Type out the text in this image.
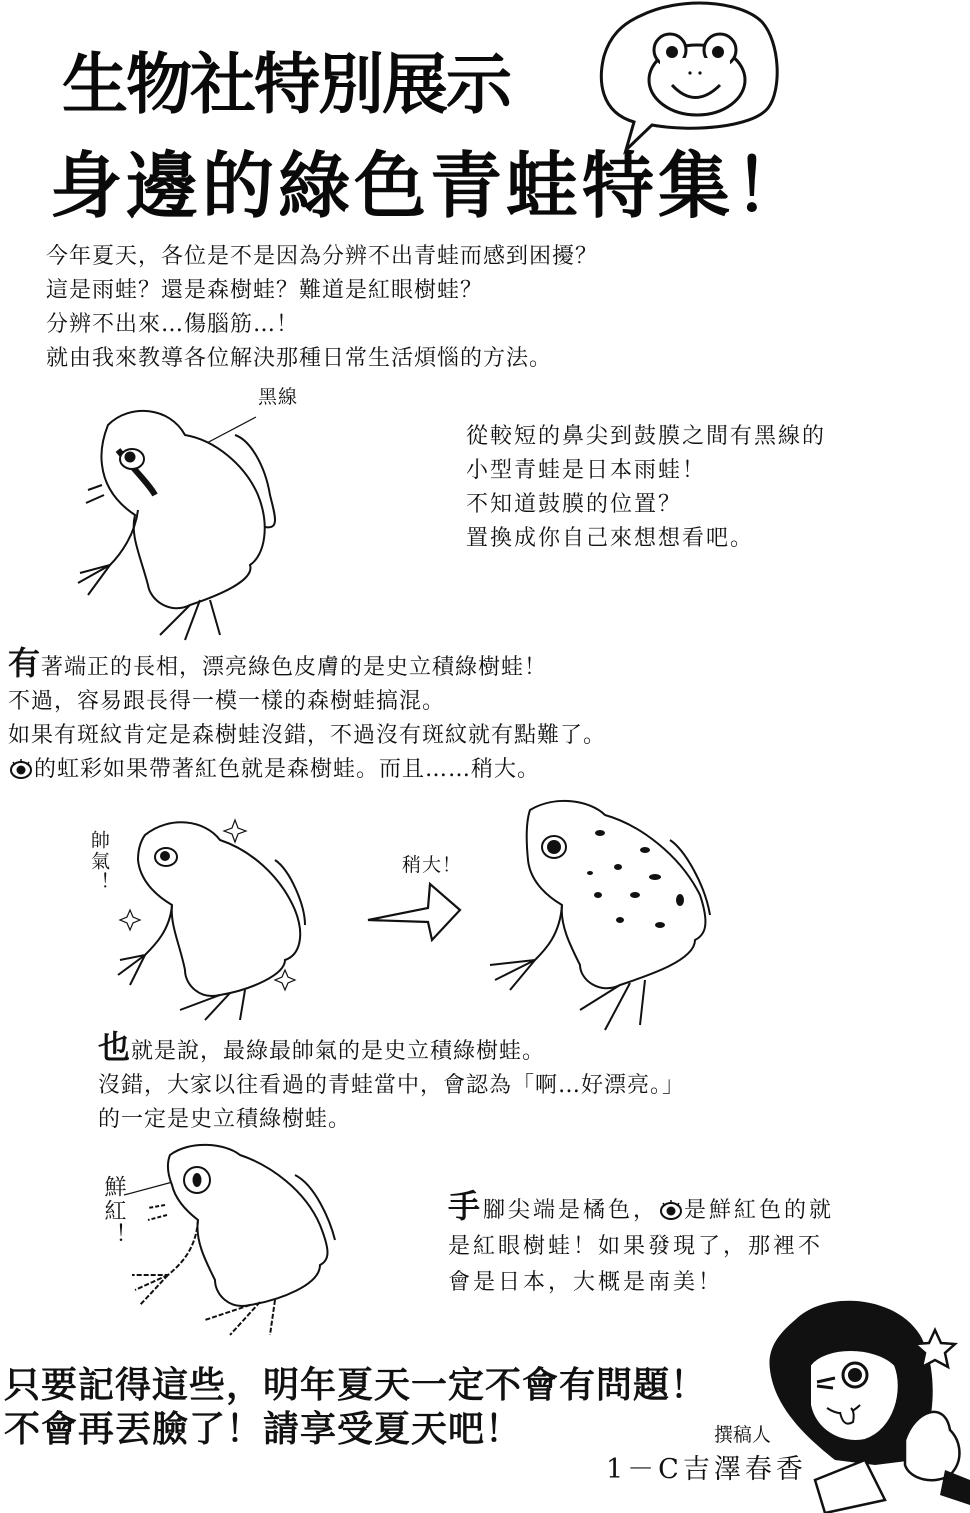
生物社特別展示
身邊的綠色青蛙特集！

今年夏天，各位是不是因為分辨不出青蛙而感到困擾？

這是雨蛙？還是森樹蛙？難道是紅眼樹蛙？

分辨不出來…傷腦筋…！

就由我來教導各位解決那種日常生活煩惱的方法。

黑線

從較短的鼻尖到鼓膜之間有黑線的

小型青蛙是日本雨蛙！

不知道鼓膜的位置？

置換成你自己來想想看吧。

有著端正的長相，漂亮綠色皮膚的是史立積綠樹蛙！

不過，容易跟長得一模一樣的森樹蛙搞混。

如果有斑紋肯定是森樹蛙沒錯，不過沒有斑紋就有點難了。

的虹彩如果帶著紅色就是森樹蛙。而且……稍大。

帥氣！	稍大！

也就是說，最綠最帥氣的是史立積綠樹蛙。

沒錯，大家以往看過的青蛙當中，會認為「啊…好漂亮。」

的一定是史立積綠樹蛙。

鮮紅！	手腳尖端是橘色， 是鮮紅色的就

是紅眼樹蛙！如果發現了，那裡不

會是日本，大概是南美！

只要記得這些，明年夏天一定不會有問題！

不會再丟臉了！請享受夏天吧！	撰稿人
1－C吉澤春香
